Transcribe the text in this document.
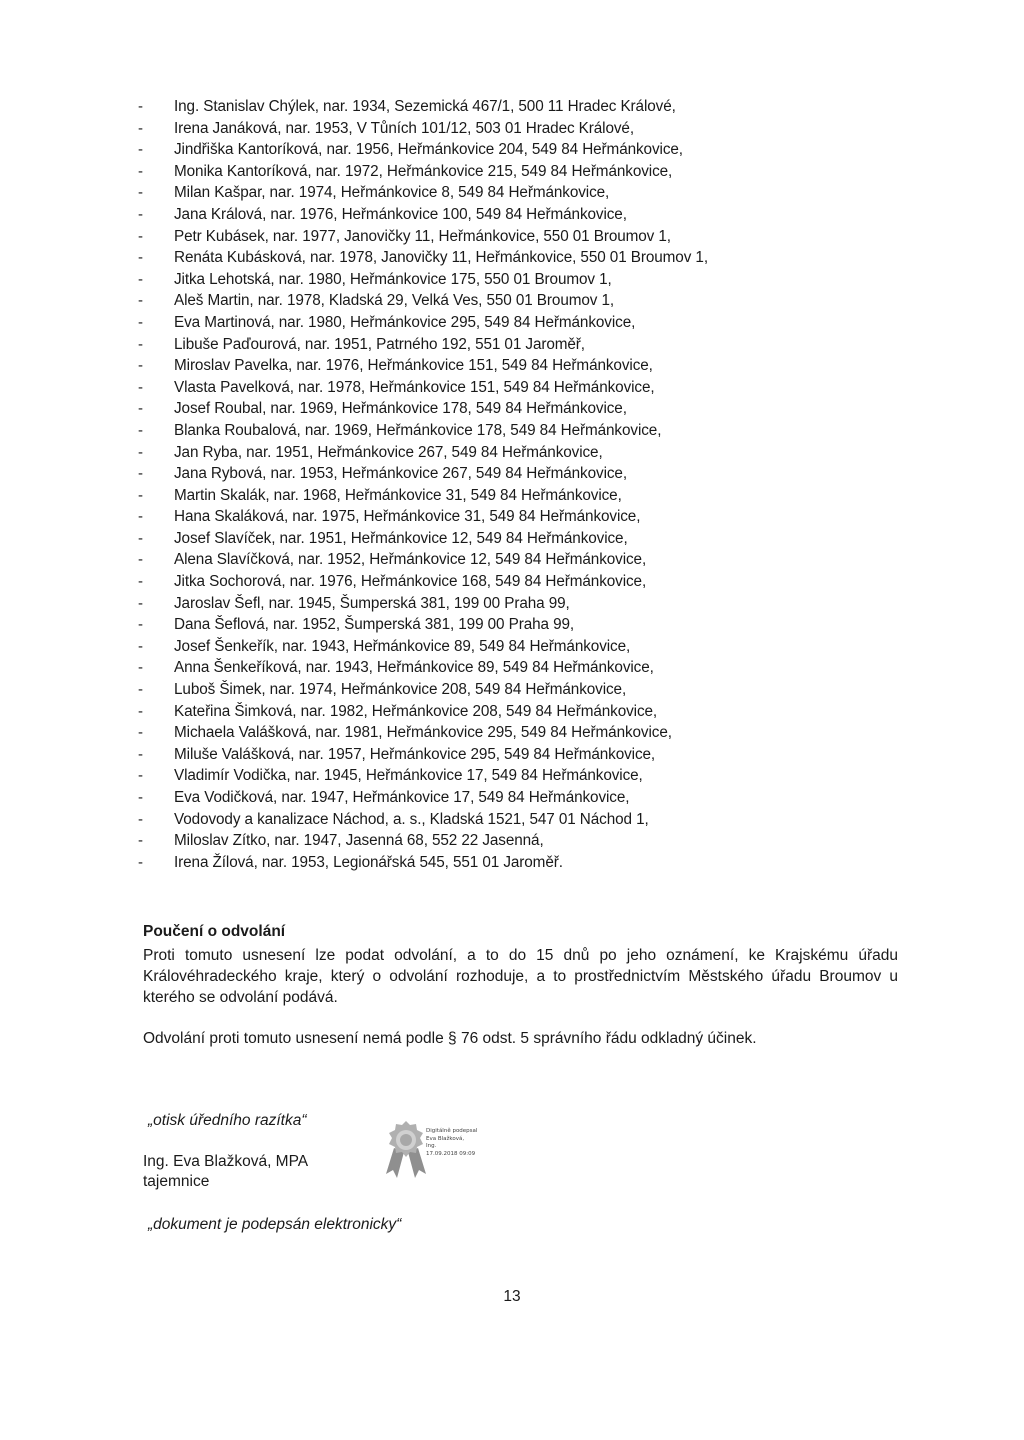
-	Ing. Stanislav Chýlek, nar. 1934, Sezemická 467/1, 500 11 Hradec Králové,
-	Irena Janáková, nar. 1953, V Tůních 101/12, 503 01 Hradec Králové,
-	Jindřiška Kantoríková, nar. 1956, Heřmánkovice 204, 549 84 Heřmánkovice,
-	Monika Kantoríková, nar. 1972, Heřmánkovice 215, 549 84 Heřmánkovice,
-	Milan Kašpar, nar. 1974, Heřmánkovice 8, 549 84 Heřmánkovice,
-	Jana Králová, nar. 1976, Heřmánkovice 100, 549 84 Heřmánkovice,
-	Petr Kubásek, nar. 1977, Janovičky 11, Heřmánkovice, 550 01 Broumov 1,
-	Renáta Kubásková, nar. 1978, Janovičky 11, Heřmánkovice, 550 01 Broumov 1,
-	Jitka Lehotská, nar. 1980, Heřmánkovice 175, 550 01 Broumov 1,
-	Aleš Martin, nar. 1978, Kladská 29, Velká Ves, 550 01 Broumov 1,
-	Eva Martinová, nar. 1980, Heřmánkovice 295, 549 84 Heřmánkovice,
-	Libuše Paďourová, nar. 1951, Patrného 192, 551 01 Jaroměř,
-	Miroslav Pavelka, nar. 1976, Heřmánkovice 151, 549 84 Heřmánkovice,
-	Vlasta Pavelková, nar. 1978, Heřmánkovice 151, 549 84 Heřmánkovice,
-	Josef Roubal, nar. 1969, Heřmánkovice 178, 549 84 Heřmánkovice,
-	Blanka Roubalová, nar. 1969, Heřmánkovice 178, 549 84 Heřmánkovice,
-	Jan Ryba, nar. 1951, Heřmánkovice 267, 549 84 Heřmánkovice,
-	Jana Rybová, nar. 1953, Heřmánkovice 267, 549 84 Heřmánkovice,
-	Martin Skalák, nar. 1968, Heřmánkovice 31, 549 84 Heřmánkovice,
-	Hana Skaláková, nar. 1975, Heřmánkovice 31, 549 84 Heřmánkovice,
-	Josef Slavíček, nar. 1951, Heřmánkovice 12, 549 84 Heřmánkovice,
-	Alena Slavíčková, nar. 1952, Heřmánkovice 12, 549 84 Heřmánkovice,
-	Jitka Sochorová, nar. 1976, Heřmánkovice 168, 549 84 Heřmánkovice,
-	Jaroslav Šefl, nar. 1945, Šumperská 381, 199 00 Praha 99,
-	Dana Šeflová, nar. 1952, Šumperská 381, 199 00 Praha 99,
-	Josef Šenkeřík, nar. 1943, Heřmánkovice 89, 549 84 Heřmánkovice,
-	Anna Šenkeříková, nar. 1943, Heřmánkovice 89, 549 84 Heřmánkovice,
-	Luboš Šimek, nar. 1974, Heřmánkovice 208, 549 84 Heřmánkovice,
-	Kateřina Šimková, nar. 1982, Heřmánkovice 208, 549 84 Heřmánkovice,
-	Michaela Valášková, nar. 1981, Heřmánkovice 295, 549 84 Heřmánkovice,
-	Miluše Valášková, nar. 1957, Heřmánkovice 295, 549 84 Heřmánkovice,
-	Vladimír Vodička, nar. 1945, Heřmánkovice 17, 549 84 Heřmánkovice,
-	Eva Vodičková, nar. 1947, Heřmánkovice 17, 549 84 Heřmánkovice,
-	Vodovody a kanalizace Náchod, a. s., Kladská 1521, 547 01 Náchod 1,
-	Miloslav Zítko, nar. 1947, Jasenná 68, 552 22 Jasenná,
-	Irena Žílová, nar. 1953, Legionářská 545, 551 01 Jaroměř.

Poučení o odvolání

Proti tomuto usnesení lze podat odvolání, a to do 15 dnů po jeho oznámení, ke Krajskému úřadu Královéhradeckého kraje, který o odvolání rozhoduje, a to prostřednictvím Městského úřadu Broumov u kterého se odvolání podává.

Odvolání proti tomuto usnesení nemá podle § 76 odst. 5 správního řádu odkladný účinek.

„otisk úředního razítka“

Ing. Eva Blažková, MPA

tajemnice

„dokument je podepsán elektronicky“

Digitálně podepsal
Eva Blažková,
Ing.
17.09.2018 09:09

13
